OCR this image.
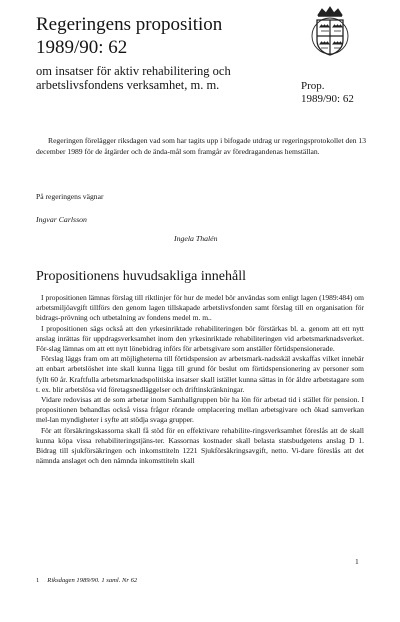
Regeringens proposition
1989/90: 62
om insatser för aktiv rehabilitering och arbetslivsfondens verksamhet, m. m.	Prop.
1989/90: 62
Regeringen förelägger riksdagen vad som har tagits upp i bifogade utdrag ur regeringsprotokollet den 13 december 1989 för de åtgärder och de ända-mål som framgår av föredragandenas hemställan.
På regeringens vägnar
Ingvar Carlsson
Ingela Thalén
Propositionens huvudsakliga innehåll

I propositionen lämnas förslag till riktlinjer för hur de medel bör användas som enligt lagen (1989:484) om arbetsmiljöavgift tillförs den genom lagen tillskapade arbetslivsfonden samt förslag till en organisation för bidrags-prövning och utbetalning av fondens medel m. m..

I propositionen sägs också att den yrkesinriktade rehabiliteringen bör förstärkas bl. a. genom att ett nytt anslag inrättas för uppdragsverksamhet inom den yrkesinriktade rehabiliteringen vid arbetsmarknadsverket. För-slag lämnas om att ett nytt lönebidrag införs för arbetsgivare som anställer förtidspensionerade.

Förslag läggs fram om att möjligheterna till förtidspension av arbetsmark-nadsskäl avskaffas vilket innebär att enbart arbetslöshet inte skall kunna ligga till grund för beslut om förtidspensionering av personer som fyllt 60 år. Kraftfulla arbetsmarknadspolitiska insatser skall istället kunna sättas in för äldre arbetstagare som t. ex. blir arbetslösa vid företagsnedläggelser och driftinskränkningar.

Vidare redovisas att de som arbetar inom Samhallgruppen bör ha lön för arbetad tid i stället för pension. I propositionen behandlas också vissa frågor rörande omplacering mellan arbetsgivare och ökad samverkan mel-lan myndigheter i syfte att stödja svaga grupper.

För att försäkringskassorna skall få stöd för en effektivare rehabilite-ringsverksamhet föreslås att de skall kunna köpa vissa rehabiliteringstjäns-ter. Kassornas kostnader skall belasta statsbudgetens anslag D 1. Bidrag till sjukförsäkringen och inkomsttiteln 1221 Sjukförsäkringsavgift, netto. Vi-dare föreslås att det nämnda anslaget och den nämnda inkomsttiteln skall

1 Riksdagen 1989/90. 1 saml. Nr 62
1
